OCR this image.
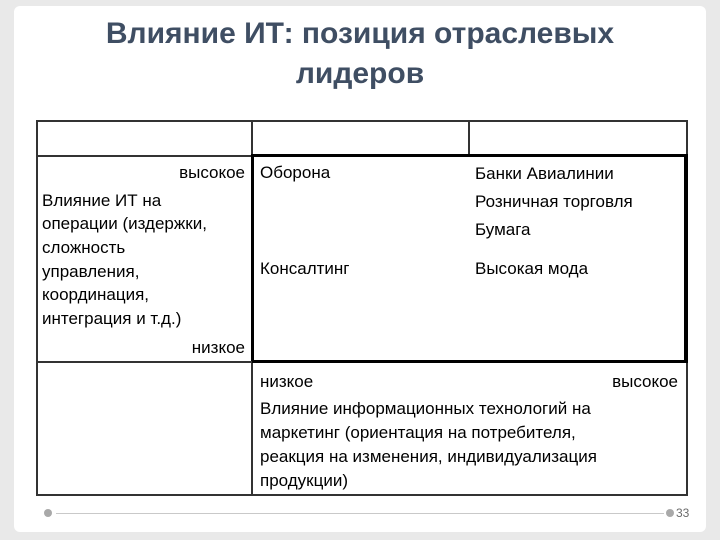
Влияние ИТ: позиция отраслевых
лидеров
высокое
Влияние ИТ на
операции (издержки,
сложность
управления,
координация,
интеграция и т.д.)
низкое
Оборона	Банки Авиалинии
Розничная торговля
Бумага
Консалтинг	Высокая мода
низкое	высокое
Влияние информационных технологий на
маркетинг (ориентация на потребителя,
реакция на изменения, индивидуализация
продукции)
33
